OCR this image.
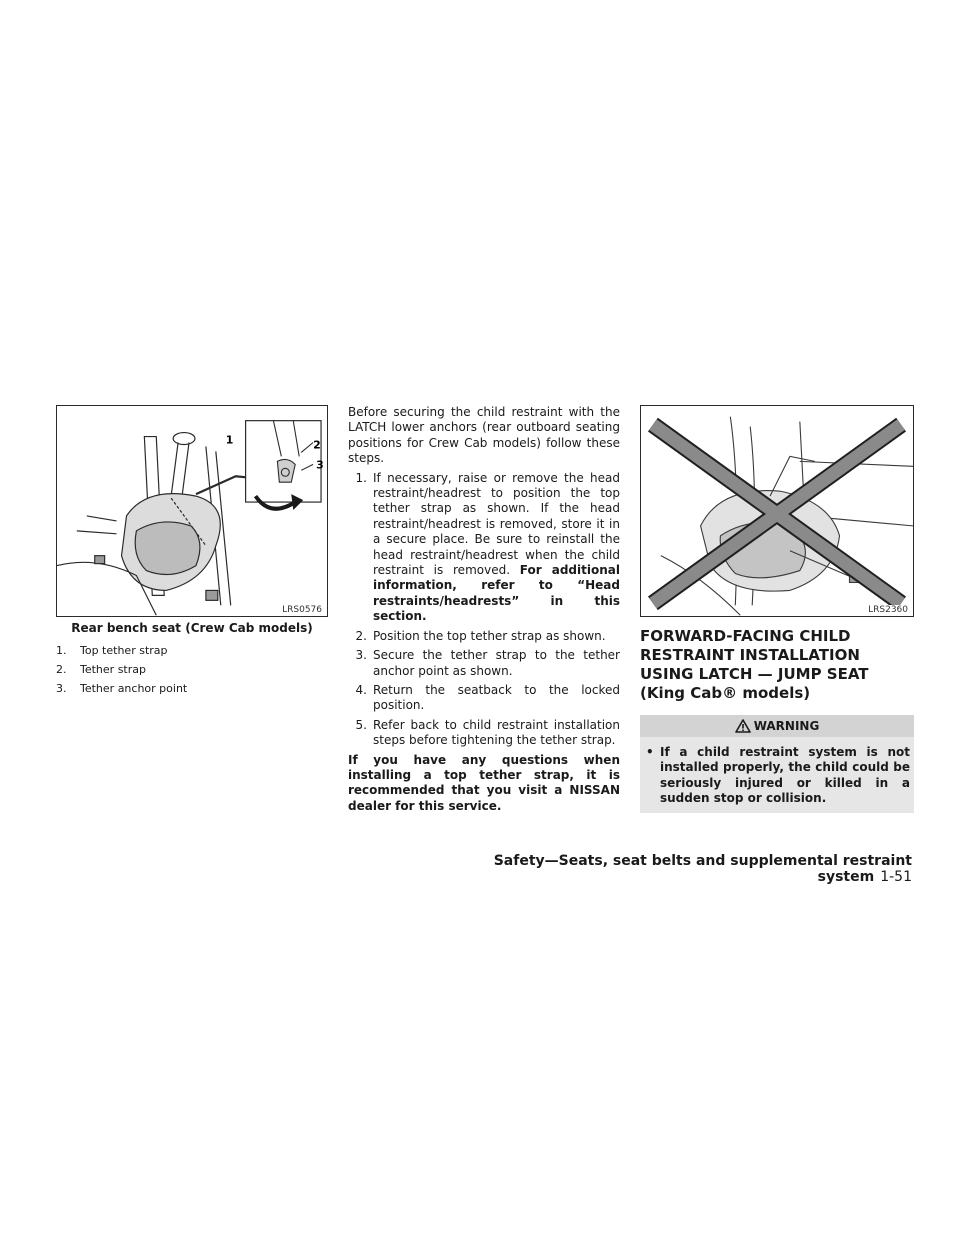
1	2
3
LRS0576
Rear bench seat (Crew Cab models)
1.	Top tether strap
2.	Tether strap
3.	Tether anchor point

Before securing the child restraint with the LATCH lower anchors (rear outboard seating positions for Crew Cab models) follow these steps.

1. If necessary, raise or remove the head restraint/headrest to position the top tether strap as shown. If the head restraint/headrest is removed, store it in a secure place. Be sure to reinstall the head restraint/headrest when the child restraint is removed. For additional information, refer to “Head restraints/headrests” in this section.
2. Position the top tether strap as shown.
3. Secure the tether strap to the tether anchor point as shown.
4. Return the seatback to the locked position.
5. Refer back to child restraint installation steps before tightening the tether strap.

If you have any questions when installing a top tether strap, it is recommended that you visit a NISSAN dealer for this service.

LRS2360
FORWARD-FACING CHILD RESTRAINT INSTALLATION USING LATCH — JUMP SEAT (King Cab® models)
WARNING
• If a child restraint system is not installed properly, the child could be seriously injured or killed in a sudden stop or collision.
Safety—Seats, seat belts and supplemental restraint system 1-51
